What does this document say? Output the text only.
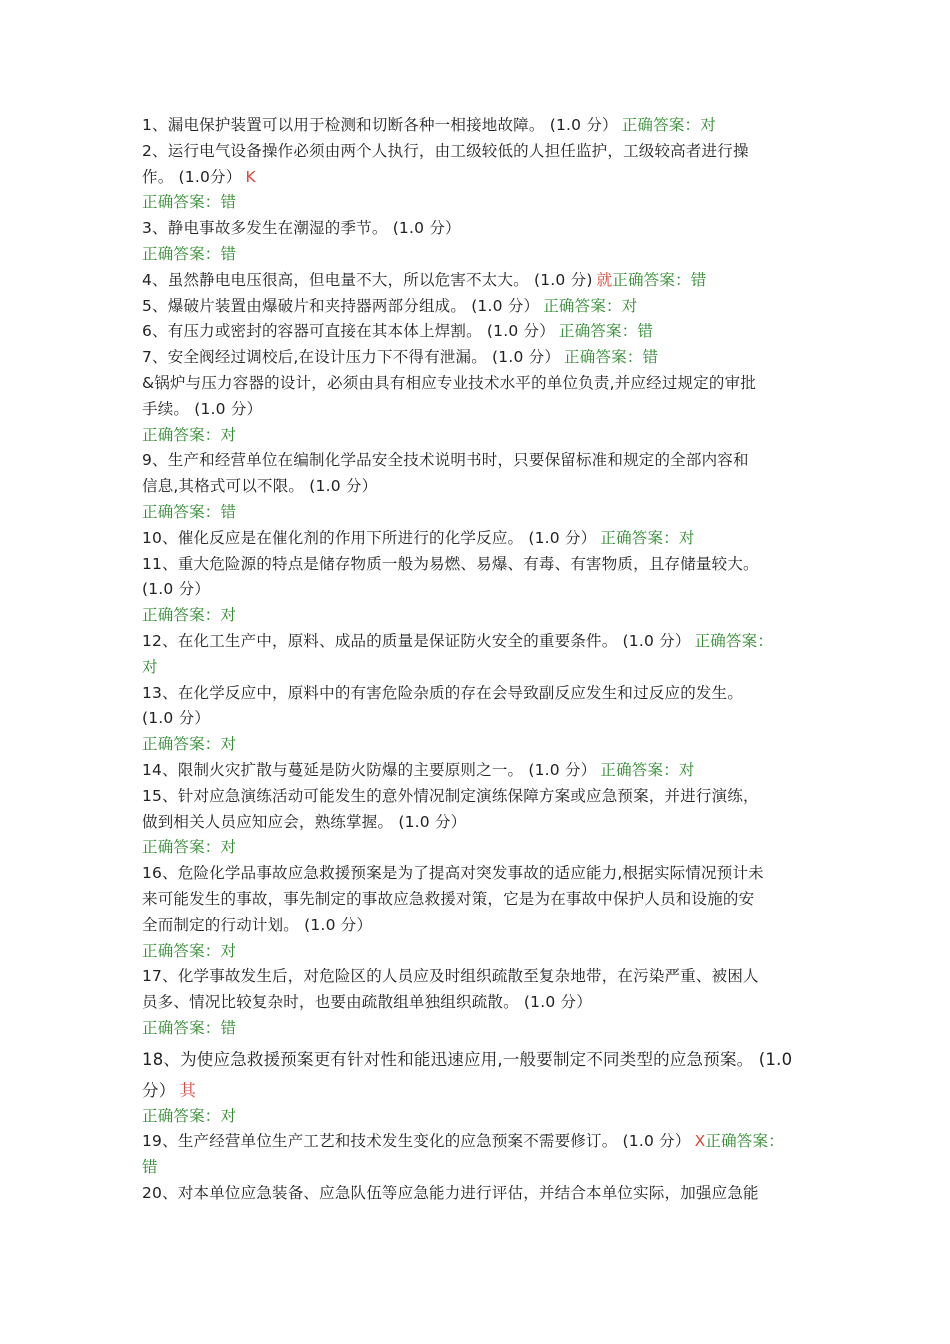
1、漏电保护装置可以用于检测和切断各种一相接地故障。 (1.0 分） 正确答案：对
2、运行电气设备操作必须由两个人执行，由工级较低的人担任监护，工级较高者进行操
作。 (1.0分） K
正确答案：错
3、静电事故多发生在潮湿的季节。 (1.0 分）
正确答案：错
4、虽然静电电压很高，但电量不大，所以危害不太大。 (1.0 分) 就正确答案：错
5、爆破片装置由爆破片和夹持器两部分组成。 (1.0 分） 正确答案：对
6、有压力或密封的容器可直接在其本体上焊割。 (1.0 分） 正确答案：错
7、安全阀经过调校后,在设计压力下不得有泄漏。 (1.0 分） 正确答案：错
&锅炉与压力容器的设计，必须由具有相应专业技术水平的单位负责,并应经过规定的审批
手续。 (1.0 分）
正确答案：对
9、生产和经营单位在编制化学品安全技术说明书时，只要保留标准和规定的全部内容和
信息,其格式可以不限。 (1.0 分）
正确答案：错
10、催化反应是在催化剂的作用下所进行的化学反应。 (1.0 分） 正确答案：对
11、重大危险源的特点是储存物质一般为易燃、易爆、有毒、有害物质，且存储量较大。
(1.0 分）
正确答案：对
12、在化工生产中，原料、成品的质量是保证防火安全的重要条件。 (1.0 分） 正确答案：
对
13、在化学反应中，原料中的有害危险杂质的存在会导致副反应发生和过反应的发生。
(1.0 分）
正确答案：对
14、限制火灾扩散与蔓延是防火防爆的主要原则之一。 (1.0 分） 正确答案：对
15、针对应急演练活动可能发生的意外情况制定演练保障方案或应急预案，并进行演练，
做到相关人员应知应会，熟练掌握。 (1.0 分）
正确答案：对
16、危险化学品事故应急救援预案是为了提高对突发事故的适应能力,根据实际情况预计未
来可能发生的事故，事先制定的事故应急救援对策，它是为在事故中保护人员和设施的安
全而制定的行动计划。 (1.0 分）
正确答案：对
17、化学事故发生后，对危险区的人员应及时组织疏散至复杂地带，在污染严重、被困人
员多、情况比较复杂时，也要由疏散组单独组织疏散。 (1.0 分）
正确答案：错
18、为使应急救援预案更有针对性和能迅速应用,一般要制定不同类型的应急预案。 (1.0
分） 其
正确答案：对
19、生产经营单位生产工艺和技术发生变化的应急预案不需要修订。 (1.0 分） X正确答案：
错
20、对本单位应急装备、应急队伍等应急能力进行评估，并结合本单位实际，加强应急能
